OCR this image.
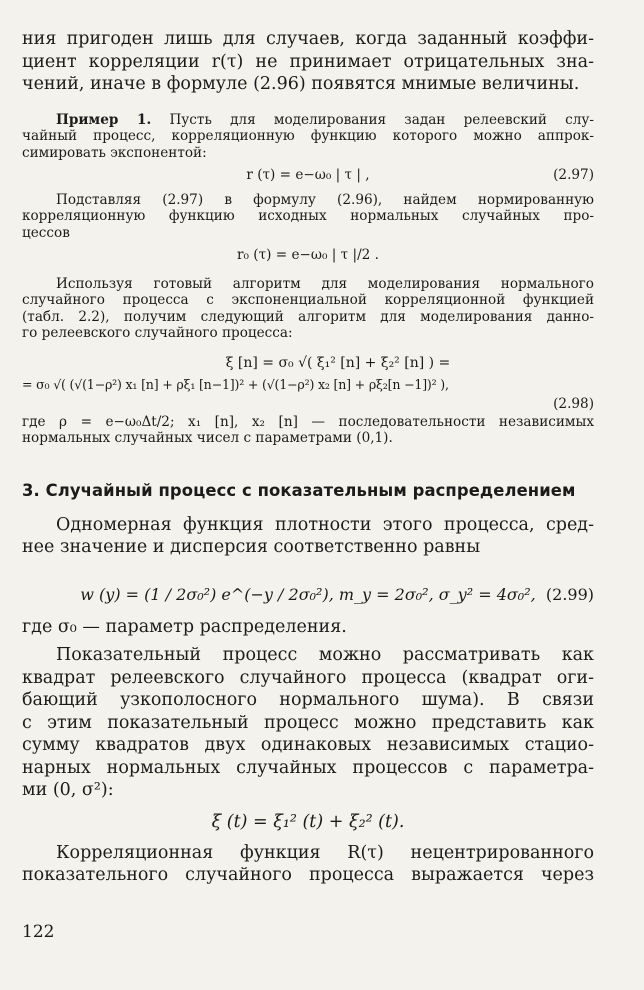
ния пригоден лишь для случаев, когда заданный коэффи-
циент корреляции r(τ) не принимает отрицательных зна-
чений, иначе в формуле (2.96) появятся мнимые величины.

Пример 1. Пусть для моделирования задан релеевский слу-
чайный процесс, корреляционную функцию которого можно аппрок-
симировать экспонентой:

r (τ) = e−ω₀ | τ | ,	(2.97)

Подставляя (2.97) в формулу (2.96), найдем нормированную
корреляционную функцию исходных нормальных случайных про-
цессов

r₀ (τ) = e−ω₀ | τ |/2 .

Используя готовый алгоритм для моделирования нормального
случайного процесса с экспоненциальной корреляционной функцией
(табл. 2.2), получим следующий алгоритм для моделирования данно-
го релеевского случайного процесса:

ξ [n] = σ₀ √( ξ₁² [n] + ξ₂² [n] ) =
= σ₀ √( (√(1−ρ²) x₁ [n] + ρξ₁ [n−1])² + (√(1−ρ²) x₂ [n] + ρξ₂[n −1])² ),
(2.98)

где ρ = e−ω₀Δt/2; x₁ [n], x₂ [n] — последовательности независимых
нормальных случайных чисел с параметрами (0,1).

3. Случайный процесс с показательным распределением

Одномерная функция плотности этого процесса, сред-
нее значение и дисперсия соответственно равны

w (y) = (1 / 2σ₀²) e^(−y / 2σ₀²), m_y = 2σ₀², σ_y² = 4σ₀², (2.99)

где σ₀ — параметр распределения.

Показательный процесс можно рассматривать как
квадрат релеевского случайного процесса (квадрат оги-
бающий узкополосного нормального шума). В связи
с этим показательный процесс можно представить как
сумму квадратов двух одинаковых независимых стацио-
нарных нормальных случайных процессов с параметра-
ми (0, σ²):

ξ (t) = ξ₁² (t) + ξ₂² (t).

Корреляционная функция R(τ) нецентрированного
показательного случайного процесса выражается через

122
